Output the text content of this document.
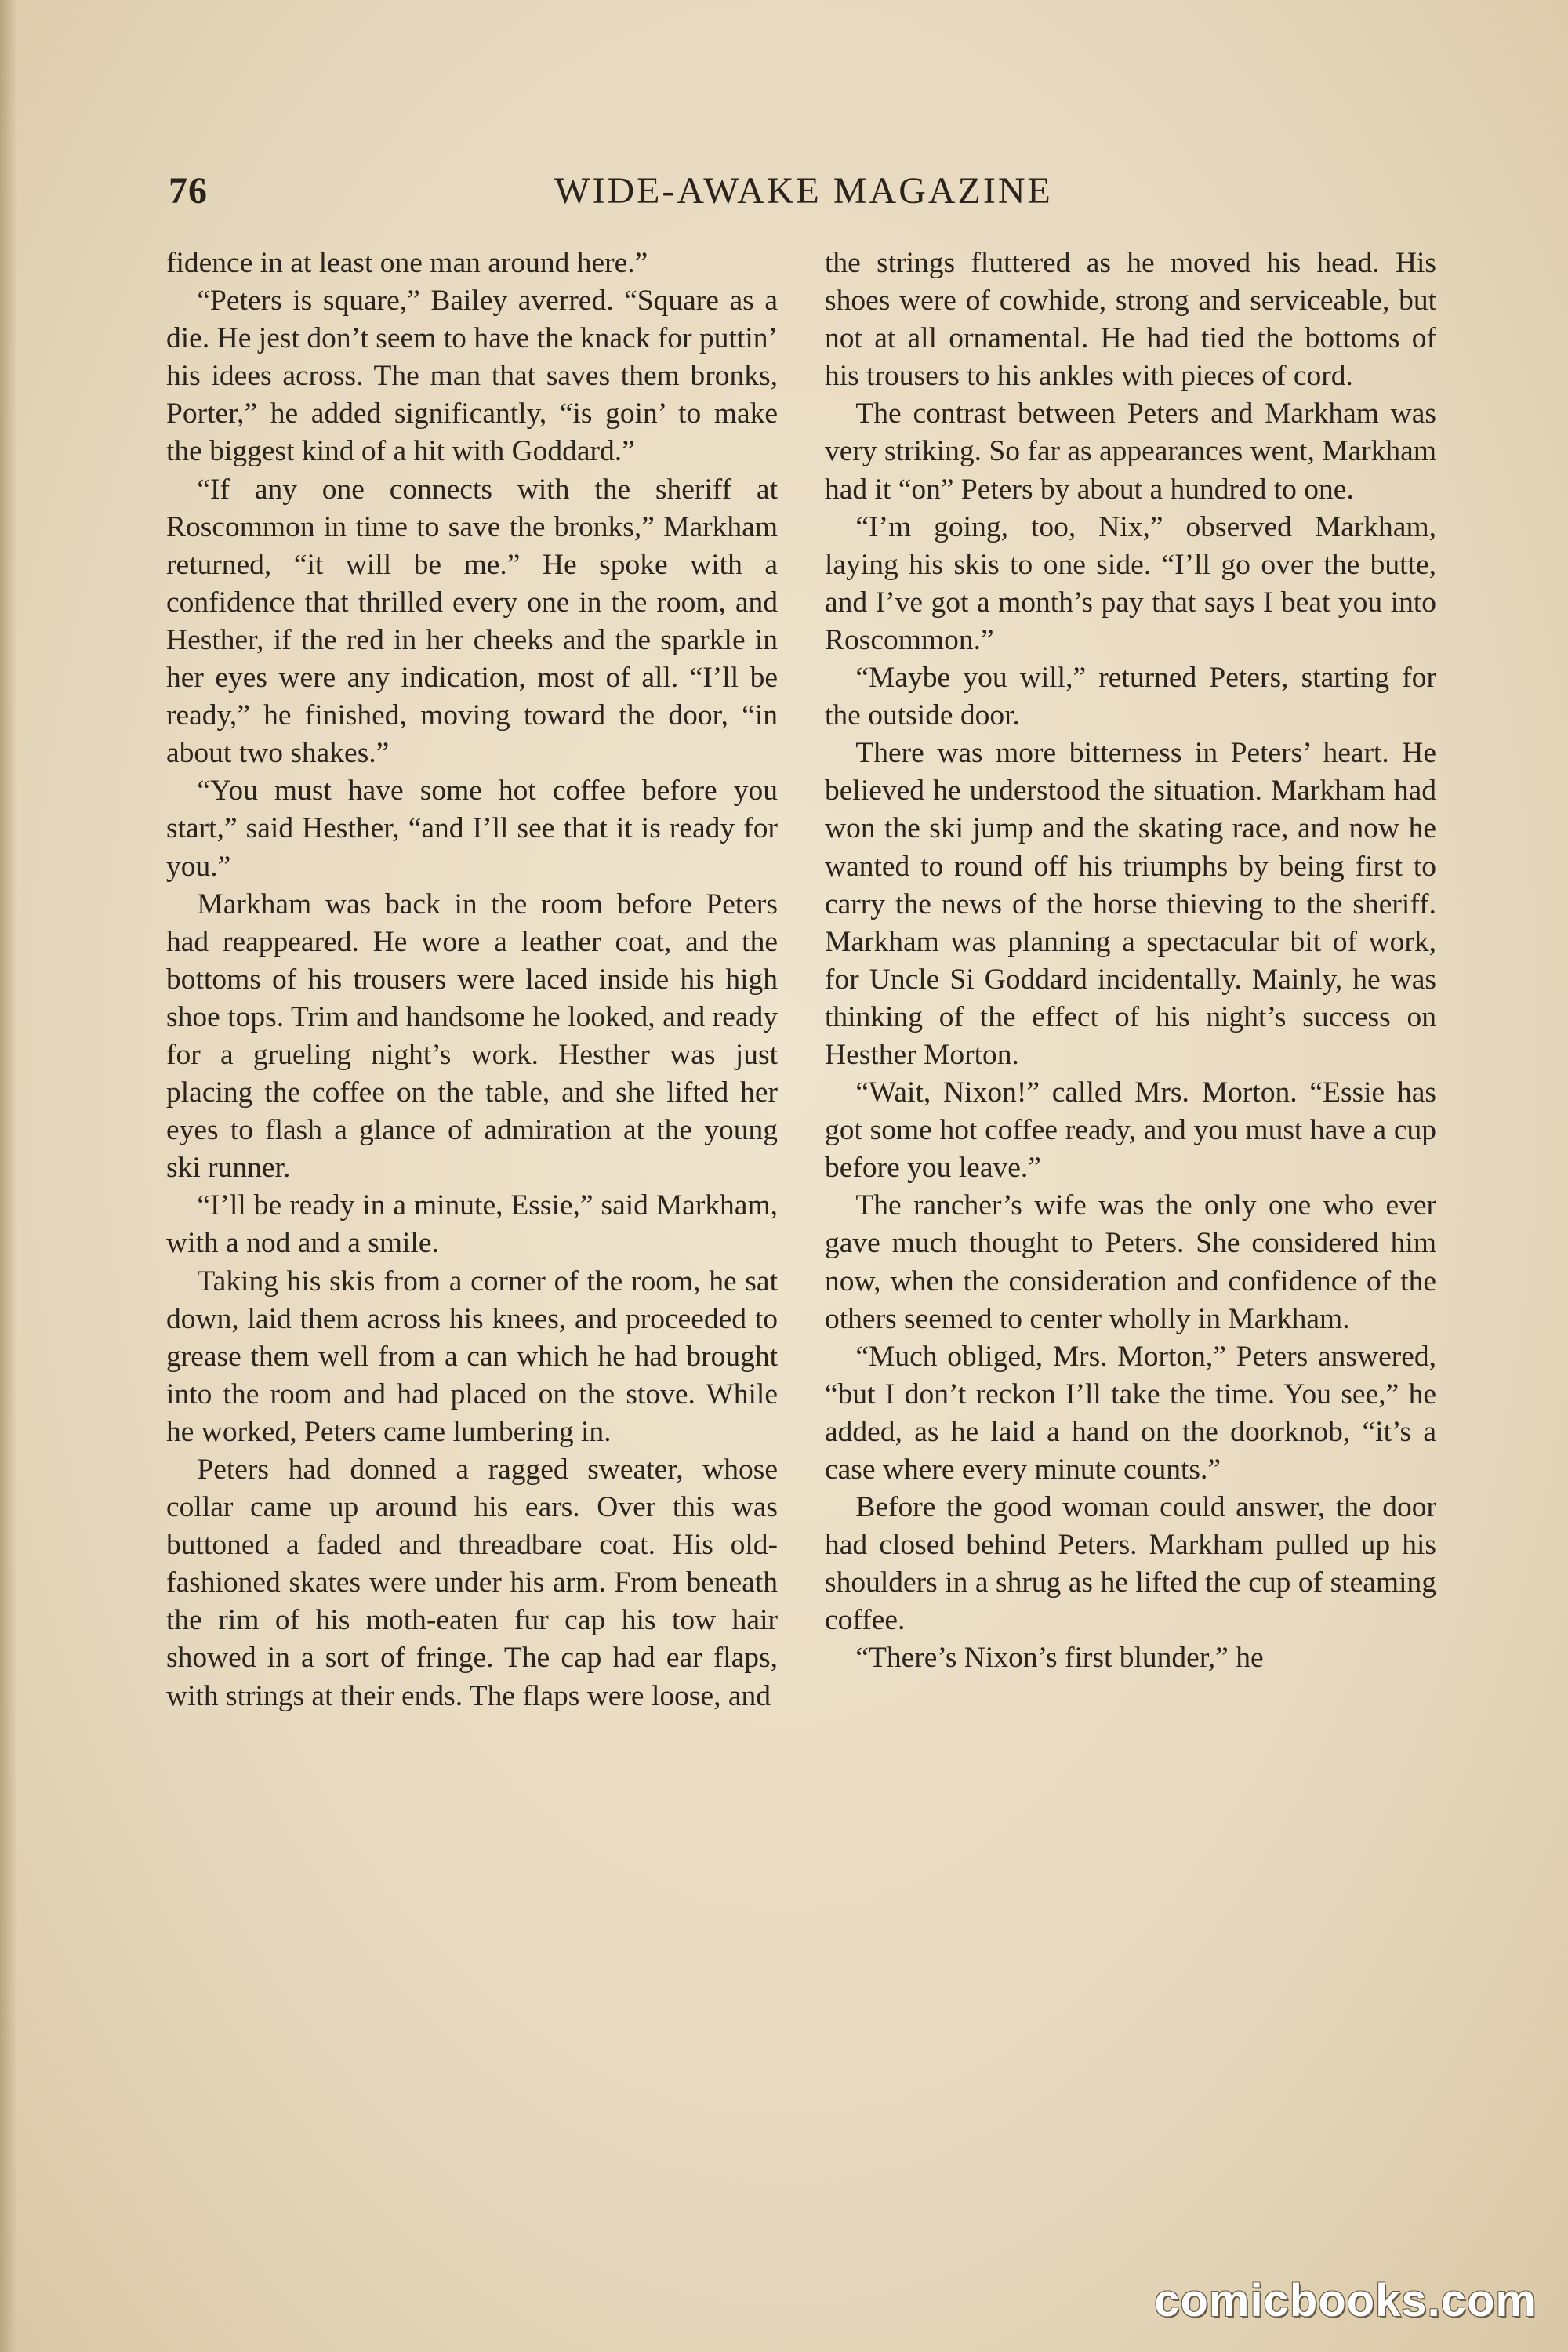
76	WIDE-AWAKE MAGAZINE

fidence in at least one man around here.”

“Peters is square,” Bailey averred. “Square as a die. He jest don’t seem to have the knack for puttin’ his idees across. The man that saves them bronks, Porter,” he added significantly, “is goin’ to make the biggest kind of a hit with Goddard.”

“If any one connects with the sheriff at Roscommon in time to save the bronks,” Markham returned, “it will be me.” He spoke with a confidence that thrilled every one in the room, and Hesther, if the red in her cheeks and the sparkle in her eyes were any indication, most of all. “I’ll be ready,” he finished, moving toward the door, “in about two shakes.”

“You must have some hot coffee before you start,” said Hesther, “and I’ll see that it is ready for you.”

Markham was back in the room before Peters had reappeared. He wore a leather coat, and the bottoms of his trousers were laced inside his high shoe tops. Trim and handsome he looked, and ready for a grueling night’s work. Hesther was just placing the coffee on the table, and she lifted her eyes to flash a glance of admiration at the young ski runner.

“I’ll be ready in a minute, Essie,” said Markham, with a nod and a smile.

Taking his skis from a corner of the room, he sat down, laid them across his knees, and proceeded to grease them well from a can which he had brought into the room and had placed on the stove. While he worked, Peters came lumbering in.

Peters had donned a ragged sweater, whose collar came up around his ears. Over this was buttoned a faded and threadbare coat. His old-fashioned skates were under his arm. From beneath the rim of his moth-eaten fur cap his tow hair showed in a sort of fringe. The cap had ear flaps, with strings at their ends. The flaps were loose, and

the strings fluttered as he moved his head. His shoes were of cowhide, strong and serviceable, but not at all ornamental. He had tied the bottoms of his trousers to his ankles with pieces of cord.

The contrast between Peters and Markham was very striking. So far as appearances went, Markham had it “on” Peters by about a hundred to one.

“I’m going, too, Nix,” observed Markham, laying his skis to one side. “I’ll go over the butte, and I’ve got a month’s pay that says I beat you into Roscommon.”

“Maybe you will,” returned Peters, starting for the outside door.

There was more bitterness in Peters’ heart. He believed he understood the situation. Markham had won the ski jump and the skating race, and now he wanted to round off his triumphs by being first to carry the news of the horse thieving to the sheriff. Markham was planning a spectacular bit of work, for Uncle Si Goddard incidentally. Mainly, he was thinking of the effect of his night’s success on Hesther Morton.

“Wait, Nixon!” called Mrs. Morton. “Essie has got some hot coffee ready, and you must have a cup before you leave.”

The rancher’s wife was the only one who ever gave much thought to Peters. She considered him now, when the consideration and confidence of the others seemed to center wholly in Markham.

“Much obliged, Mrs. Morton,” Peters answered, “but I don’t reckon I’ll take the time. You see,” he added, as he laid a hand on the doorknob, “it’s a case where every minute counts.”

Before the good woman could answer, the door had closed behind Peters. Markham pulled up his shoulders in a shrug as he lifted the cup of steaming coffee.

“There’s Nixon’s first blunder,” he

comicbooks.com
